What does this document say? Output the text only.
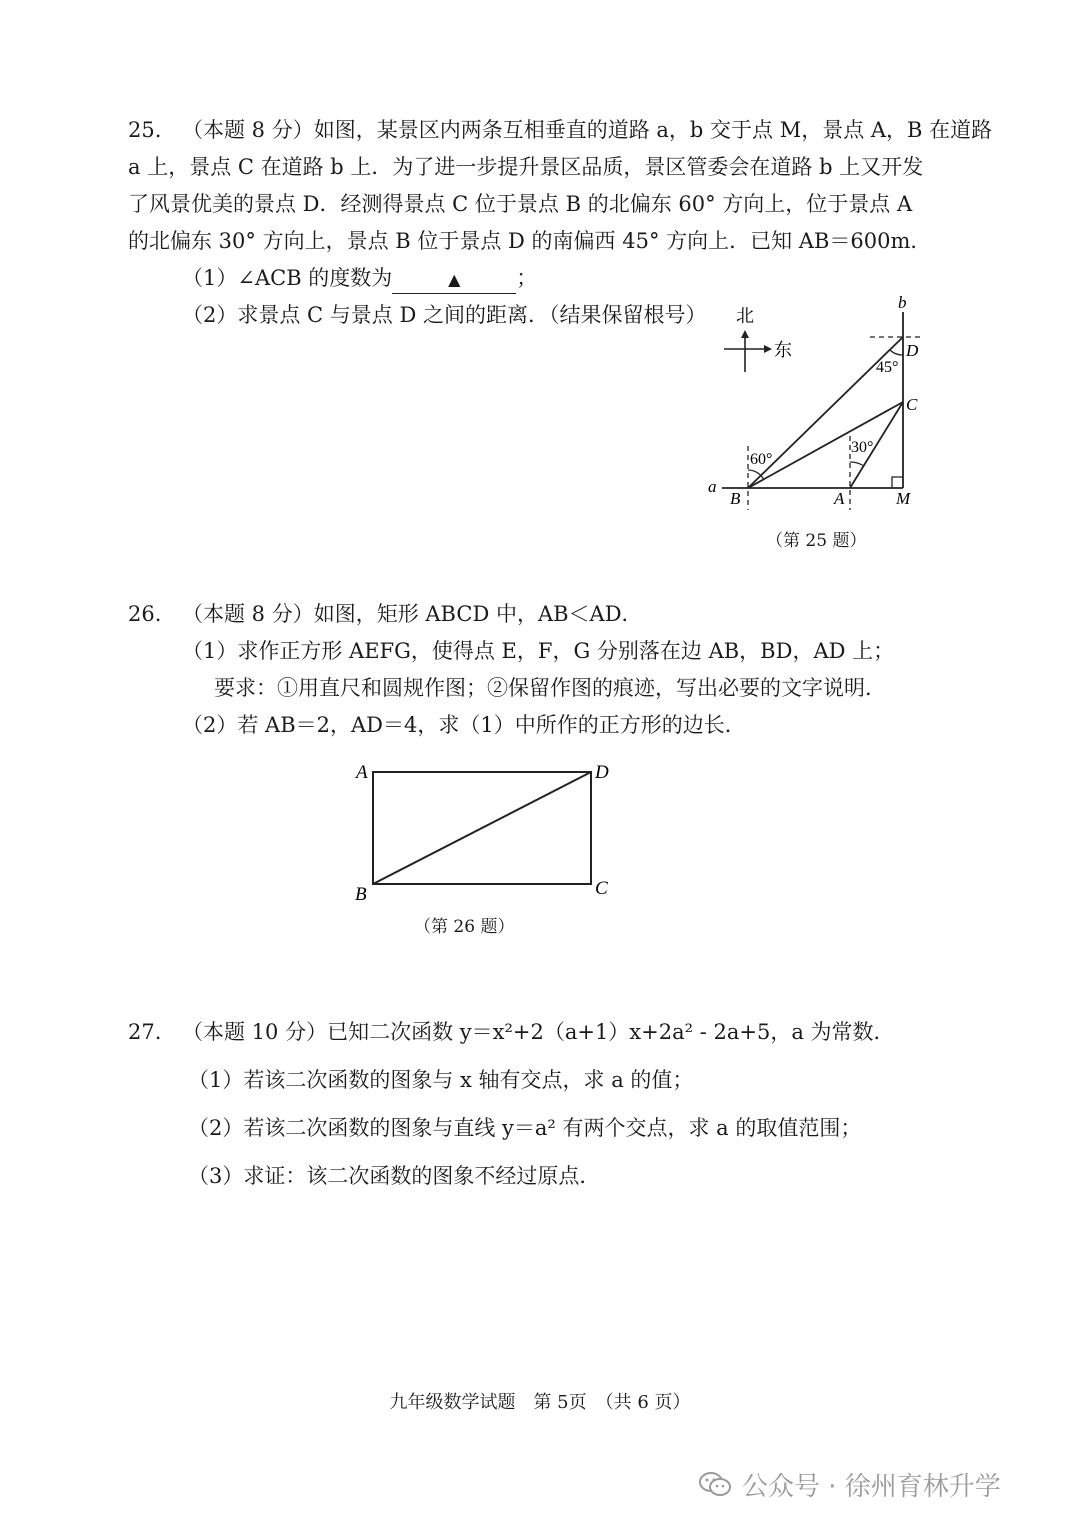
25. （本题 8 分）如图，某景区内两条互相垂直的道路 a，b 交于点 M，景点 A，B 在道路
a 上，景点 C 在道路 b 上．为了进一步提升景区品质，景区管委会在道路 b 上又开发
了风景优美的景点 D．经测得景点 C 位于景点 B 的北偏东 60° 方向上，位于景点 A
的北偏东 30° 方向上，景点 B 位于景点 D 的南偏西 45° 方向上．已知 AB＝600m．
（1）∠ACB 的度数为	▲	；
（2）求景点 C 与景点 D 之间的距离．（结果保留根号）	北
东
b
D
C
a
B	A	M
60°
30°
45°
（第 25 题）
26. （本题 8 分）如图，矩形 ABCD 中，AB＜AD．
（1）求作正方形 AEFG，使得点 E，F，G 分别落在边 AB，BD，AD 上；
要求：①用直尺和圆规作图；②保留作图的痕迹，写出必要的文字说明．
（2）若 AB＝2，AD＝4，求（1）中所作的正方形的边长．
A	D
B	C
（第 26 题）
27. （本题 10 分）已知二次函数 y＝x²+2（a+1）x+2a² - 2a+5，a 为常数．
（1）若该二次函数的图象与 x 轴有交点，求 a 的值；
（2）若该二次函数的图象与直线 y＝a² 有两个交点，求 a 的取值范围；
（3）求证：该二次函数的图象不经过原点．
九年级数学试题　第 5页　（共 6 页）
公众号 · 徐州育林升学
